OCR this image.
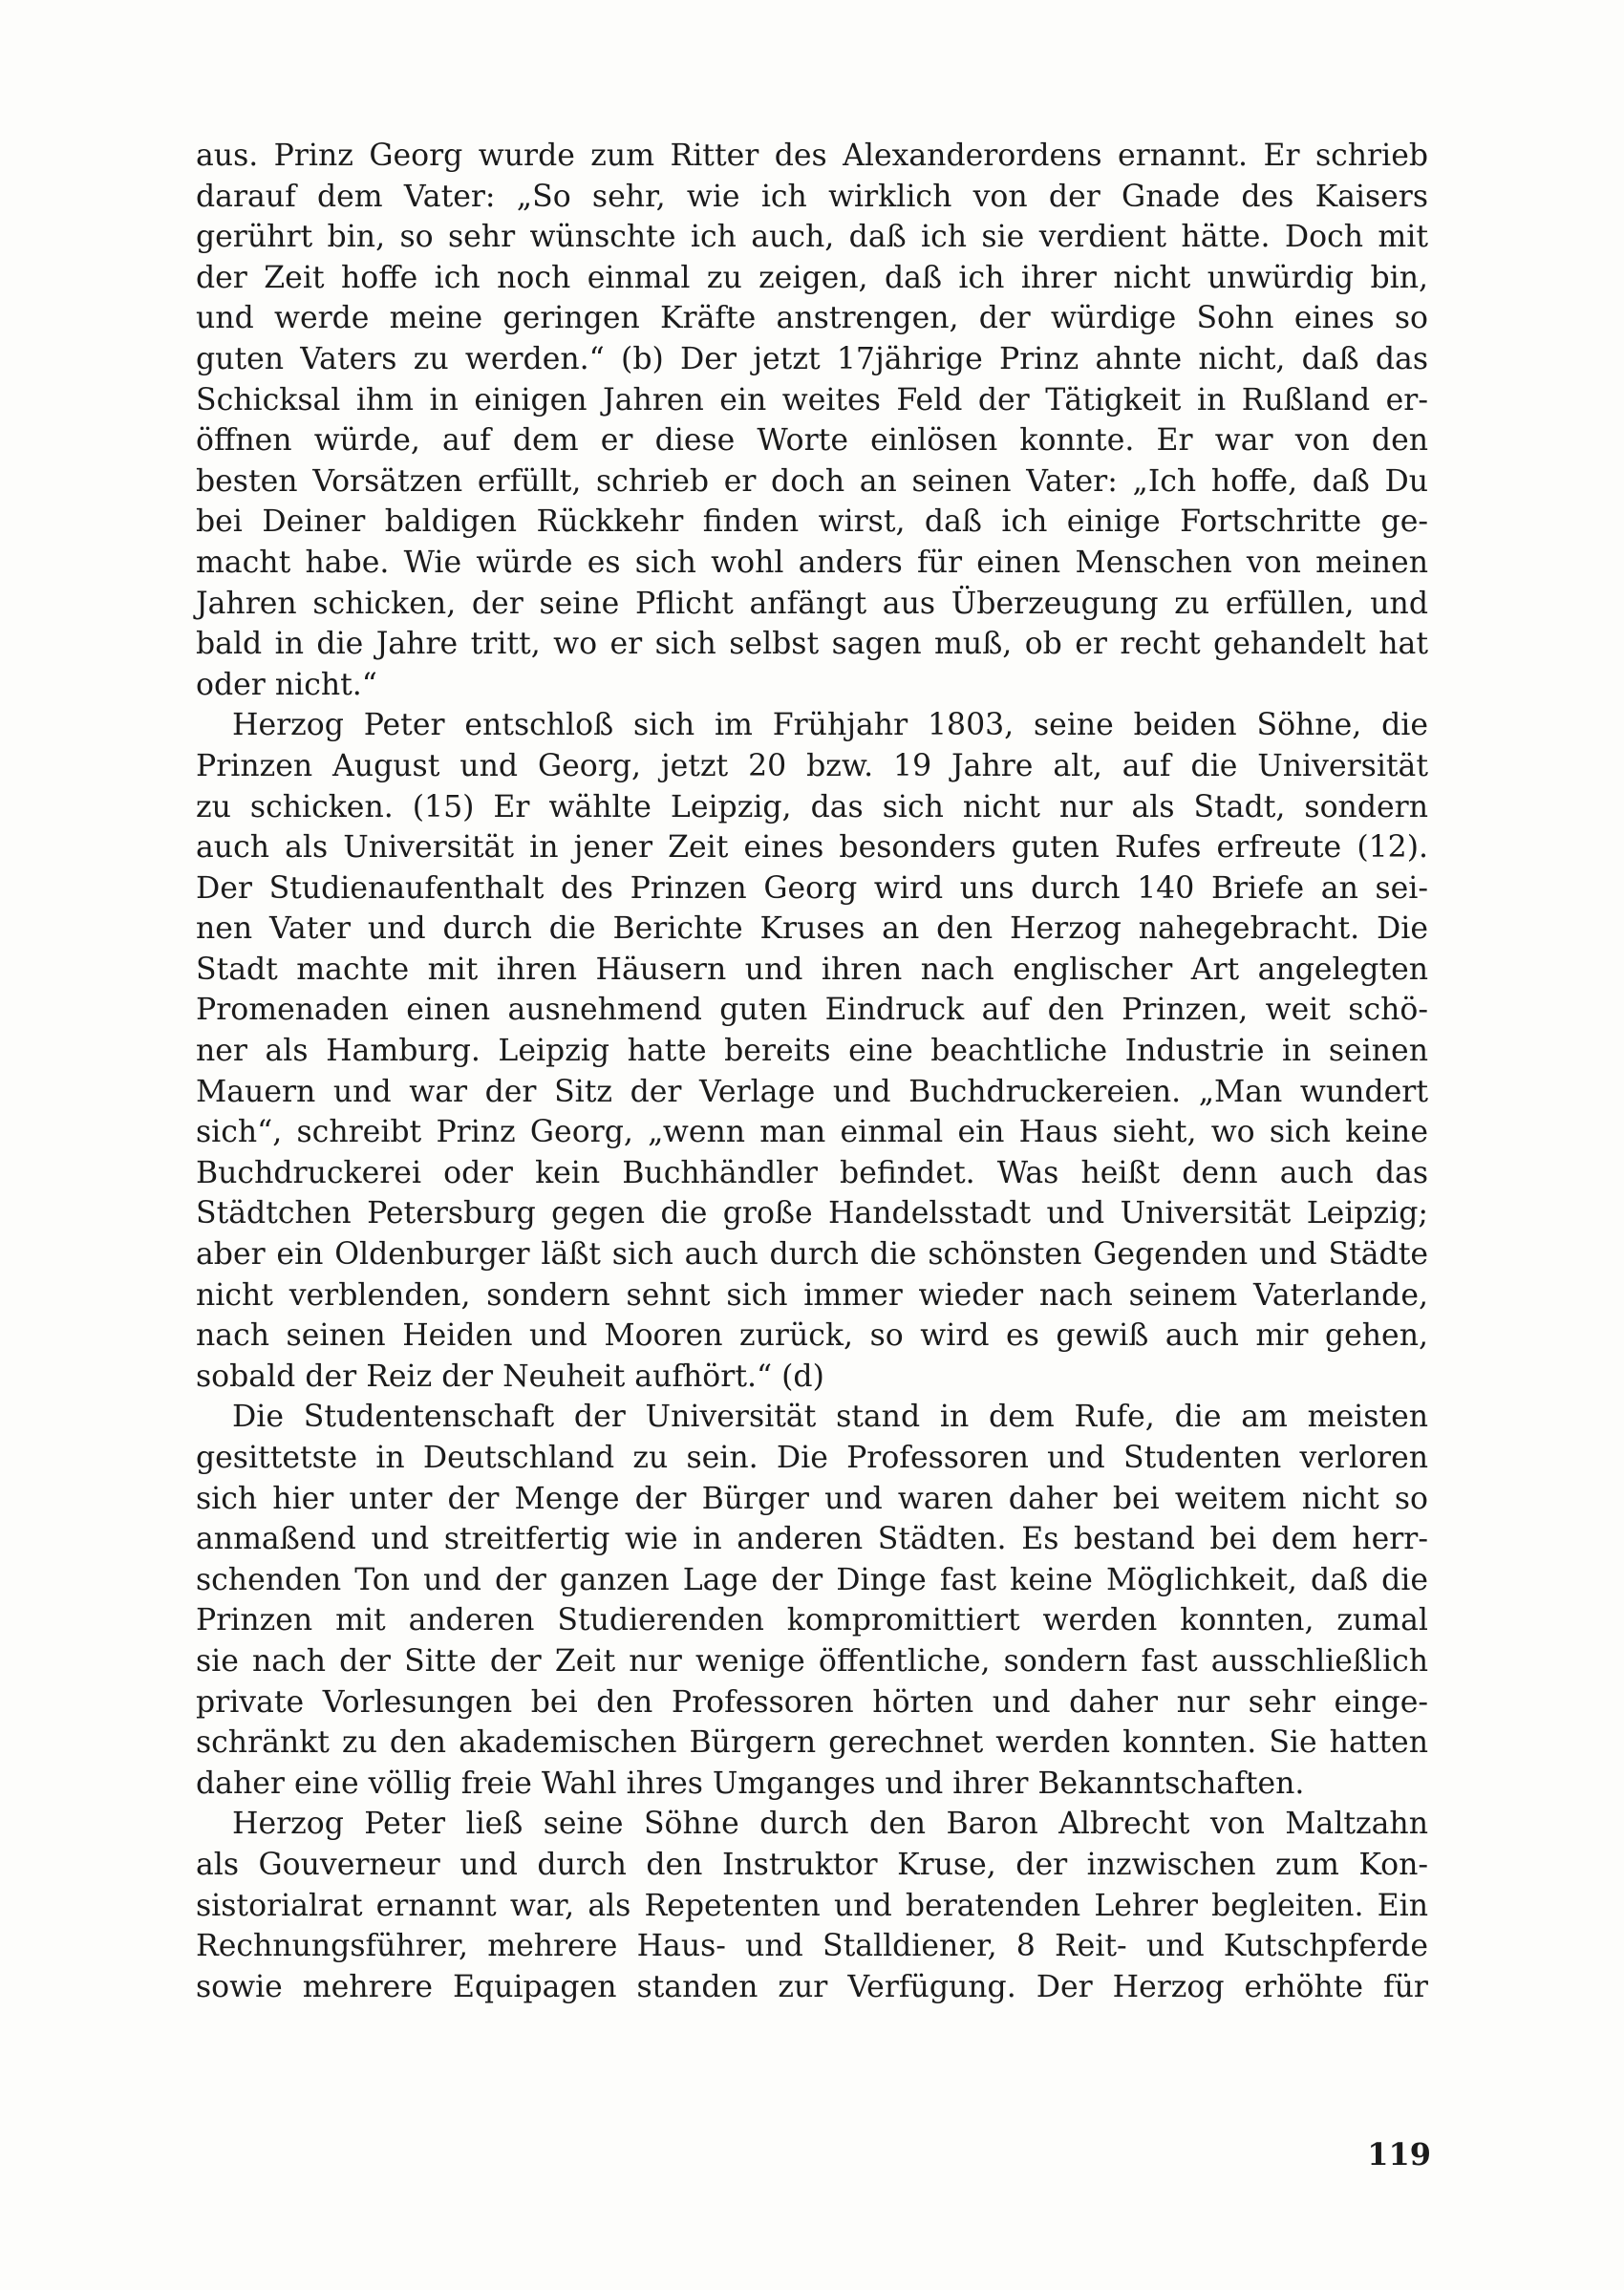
aus. Prinz Georg wurde zum Ritter des Alexanderordens ernannt. Er schrieb
darauf dem Vater: „So sehr, wie ich wirklich von der Gnade des Kaisers
gerührt bin, so sehr wünschte ich auch, daß ich sie verdient hätte. Doch mit
der Zeit hoffe ich noch einmal zu zeigen, daß ich ihrer nicht unwürdig bin,
und werde meine geringen Kräfte anstrengen, der würdige Sohn eines so
guten Vaters zu werden.“ (b) Der jetzt 17jährige Prinz ahnte nicht, daß das
Schicksal ihm in einigen Jahren ein weites Feld der Tätigkeit in Rußland er-
öffnen würde, auf dem er diese Worte einlösen konnte. Er war von den
besten Vorsätzen erfüllt, schrieb er doch an seinen Vater: „Ich hoffe, daß Du
bei Deiner baldigen Rückkehr finden wirst, daß ich einige Fortschritte ge-
macht habe. Wie würde es sich wohl anders für einen Menschen von meinen
Jahren schicken, der seine Pflicht anfängt aus Überzeugung zu erfüllen, und
bald in die Jahre tritt, wo er sich selbst sagen muß, ob er recht gehandelt hat
oder nicht.“
Herzog Peter entschloß sich im Frühjahr 1803, seine beiden Söhne, die
Prinzen August und Georg, jetzt 20 bzw. 19 Jahre alt, auf die Universität
zu schicken. (15) Er wählte Leipzig, das sich nicht nur als Stadt, sondern
auch als Universität in jener Zeit eines besonders guten Rufes erfreute (12).
Der Studienaufenthalt des Prinzen Georg wird uns durch 140 Briefe an sei-
nen Vater und durch die Berichte Kruses an den Herzog nahegebracht. Die
Stadt machte mit ihren Häusern und ihren nach englischer Art angelegten
Promenaden einen ausnehmend guten Eindruck auf den Prinzen, weit schö-
ner als Hamburg. Leipzig hatte bereits eine beachtliche Industrie in seinen
Mauern und war der Sitz der Verlage und Buchdruckereien. „Man wundert
sich“, schreibt Prinz Georg, „wenn man einmal ein Haus sieht, wo sich keine
Buchdruckerei oder kein Buchhändler befindet. Was heißt denn auch das
Städtchen Petersburg gegen die große Handelsstadt und Universität Leipzig;
aber ein Oldenburger läßt sich auch durch die schönsten Gegenden und Städte
nicht verblenden, sondern sehnt sich immer wieder nach seinem Vaterlande,
nach seinen Heiden und Mooren zurück, so wird es gewiß auch mir gehen,
sobald der Reiz der Neuheit aufhört.“ (d)
Die Studentenschaft der Universität stand in dem Rufe, die am meisten
gesittetste in Deutschland zu sein. Die Professoren und Studenten verloren
sich hier unter der Menge der Bürger und waren daher bei weitem nicht so
anmaßend und streitfertig wie in anderen Städten. Es bestand bei dem herr-
schenden Ton und der ganzen Lage der Dinge fast keine Möglichkeit, daß die
Prinzen mit anderen Studierenden kompromittiert werden konnten, zumal
sie nach der Sitte der Zeit nur wenige öffentliche, sondern fast ausschließlich
private Vorlesungen bei den Professoren hörten und daher nur sehr einge-
schränkt zu den akademischen Bürgern gerechnet werden konnten. Sie hatten
daher eine völlig freie Wahl ihres Umganges und ihrer Bekanntschaften.
Herzog Peter ließ seine Söhne durch den Baron Albrecht von Maltzahn
als Gouverneur und durch den Instruktor Kruse, der inzwischen zum Kon-
sistorialrat ernannt war, als Repetenten und beratenden Lehrer begleiten. Ein
Rechnungsführer, mehrere Haus- und Stalldiener, 8 Reit- und Kutschpferde
sowie mehrere Equipagen standen zur Verfügung. Der Herzog erhöhte für
119
